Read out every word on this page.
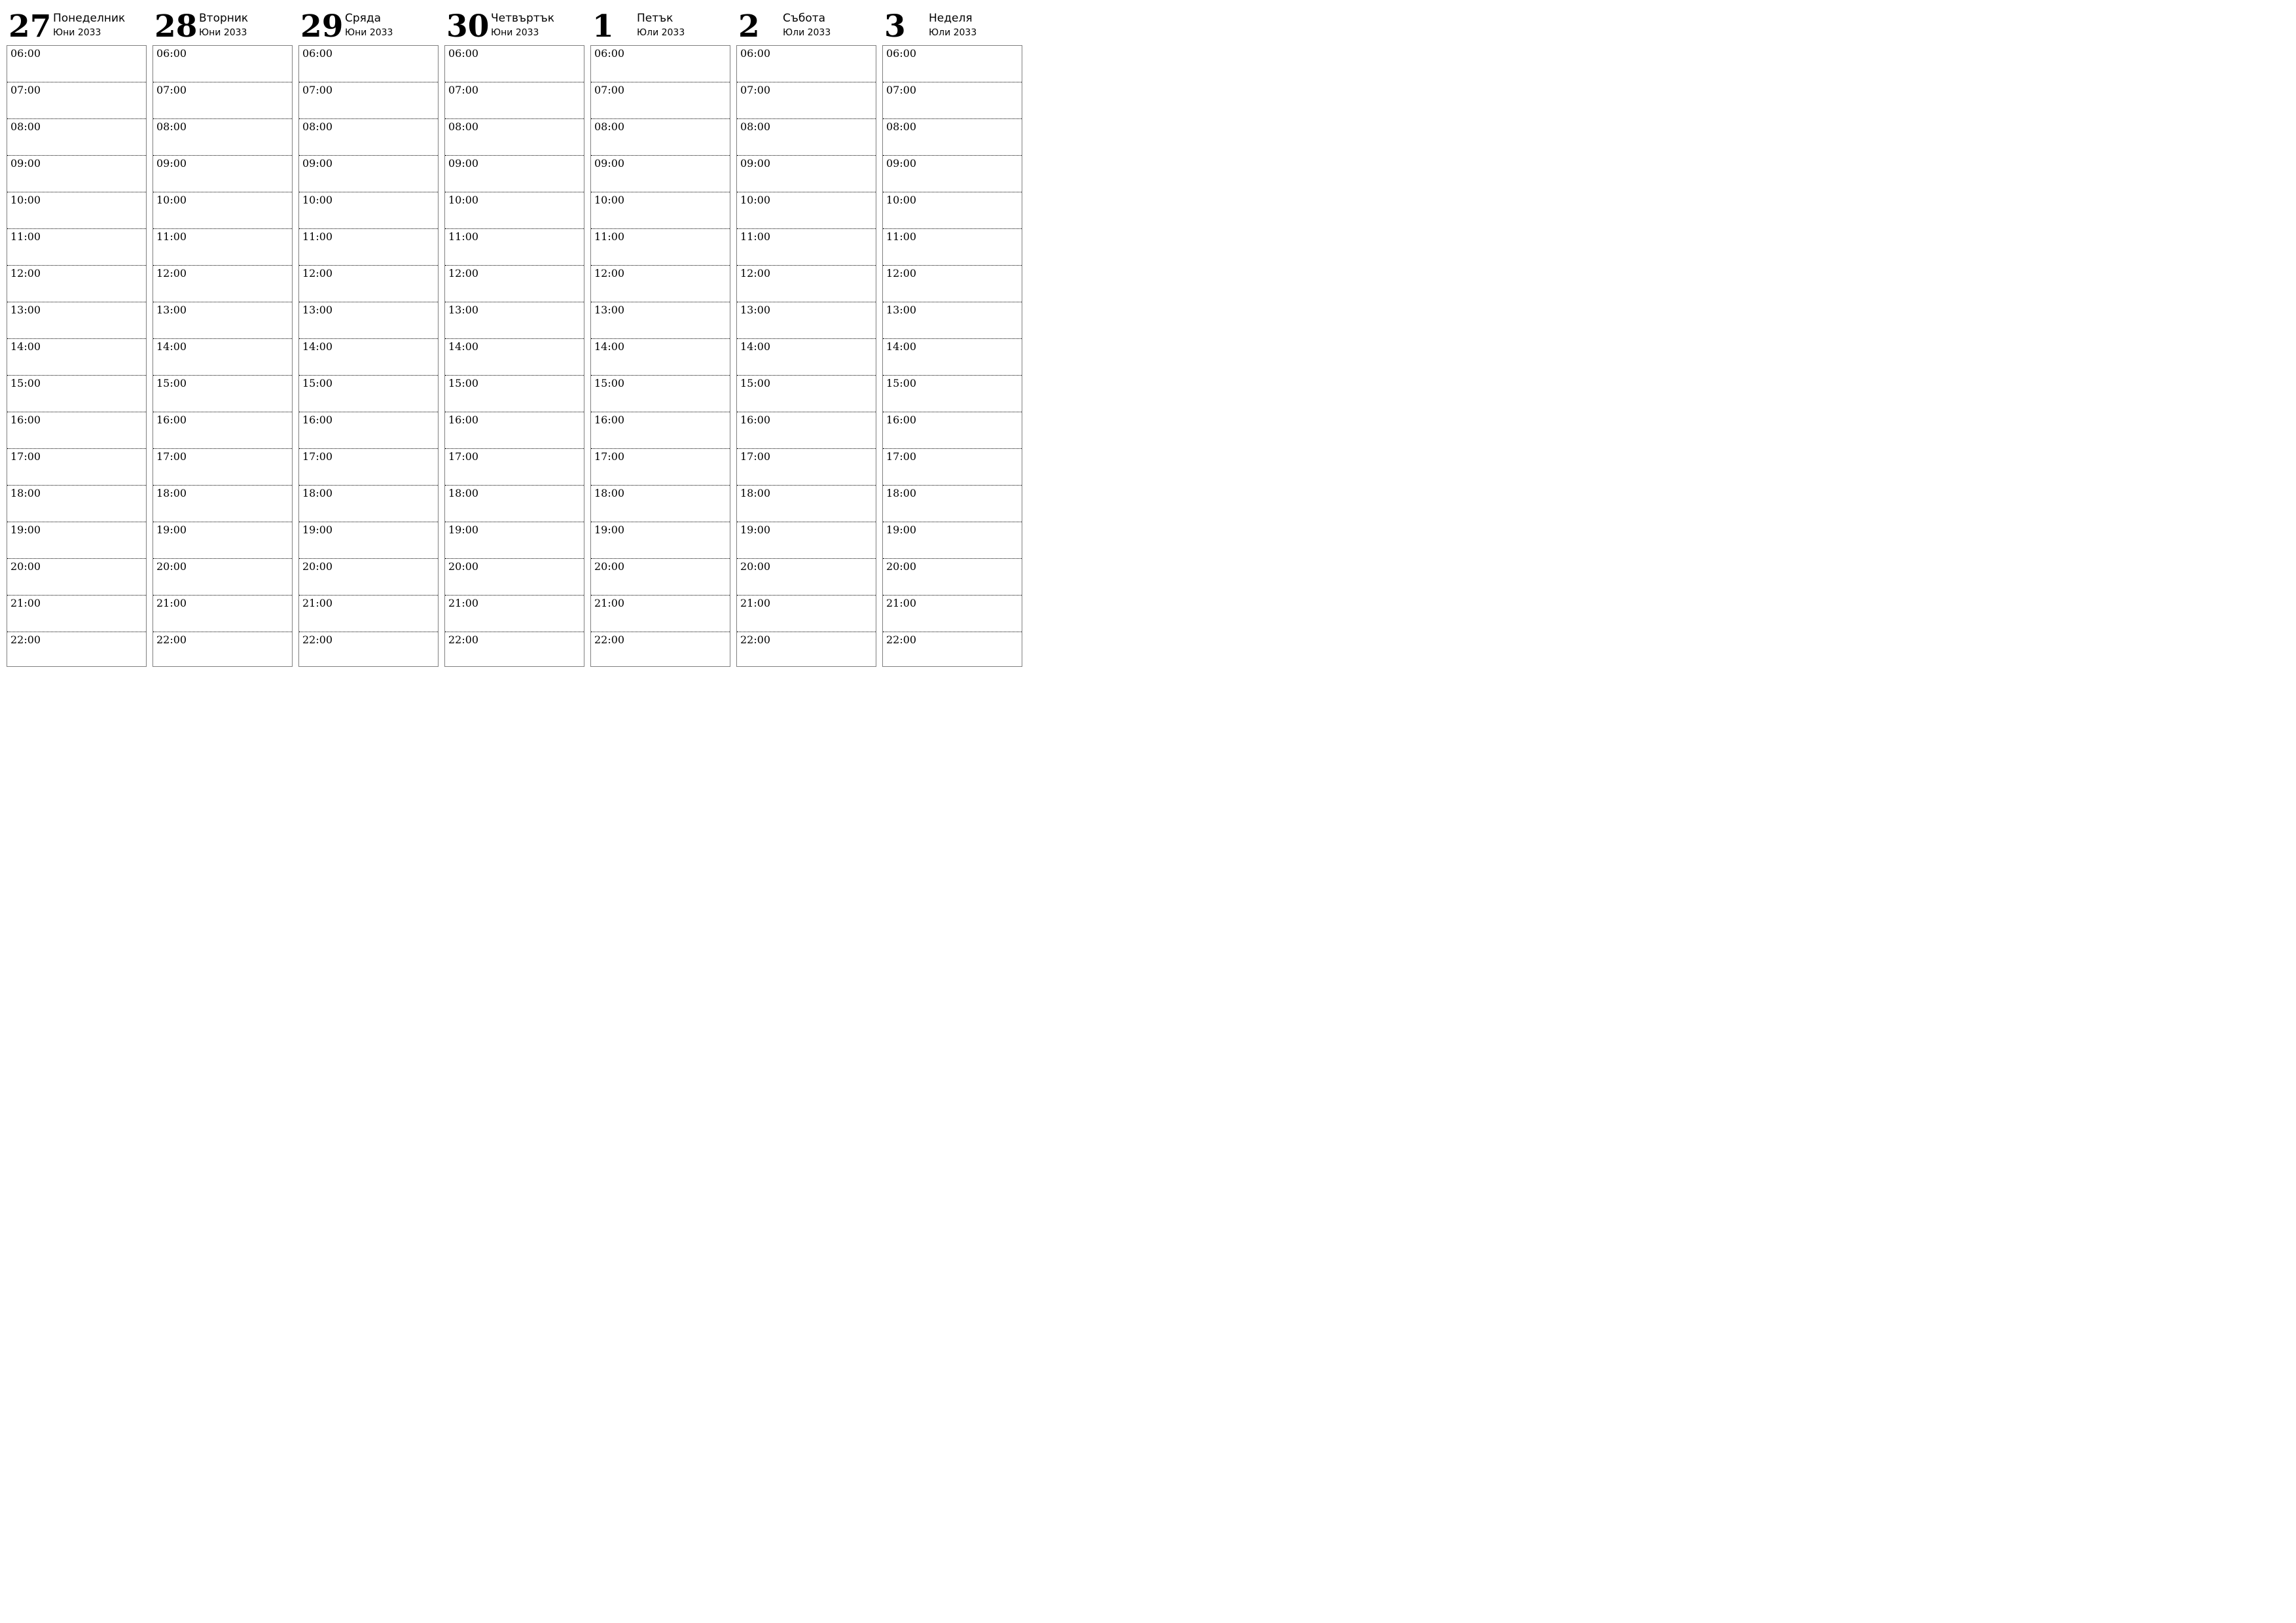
27 Понеделник
Юни 2033
06:00
07:00
08:00
09:00
10:00
11:00
12:00
13:00
14:00
15:00
16:00
17:00
18:00
19:00
20:00
21:00
22:00
28 Вторник
Юни 2033
06:00
07:00
08:00
09:00
10:00
11:00
12:00
13:00
14:00
15:00
16:00
17:00
18:00
19:00
20:00
21:00
22:00
29 Сряда
Юни 2033
06:00
07:00
08:00
09:00
10:00
11:00
12:00
13:00
14:00
15:00
16:00
17:00
18:00
19:00
20:00
21:00
22:00
30 Четвъртък
Юни 2033
06:00
07:00
08:00
09:00
10:00
11:00
12:00
13:00
14:00
15:00
16:00
17:00
18:00
19:00
20:00
21:00
22:00
1	Петък
Юли 2033
06:00
07:00
08:00
09:00
10:00
11:00
12:00
13:00
14:00
15:00
16:00
17:00
18:00
19:00
20:00
21:00
22:00
2	Събота
Юли 2033
06:00
07:00
08:00
09:00
10:00
11:00
12:00
13:00
14:00
15:00
16:00
17:00
18:00
19:00
20:00
21:00
22:00
3	Неделя
Юли 2033
06:00
07:00
08:00
09:00
10:00
11:00
12:00
13:00
14:00
15:00
16:00
17:00
18:00
19:00
20:00
21:00
22:00
